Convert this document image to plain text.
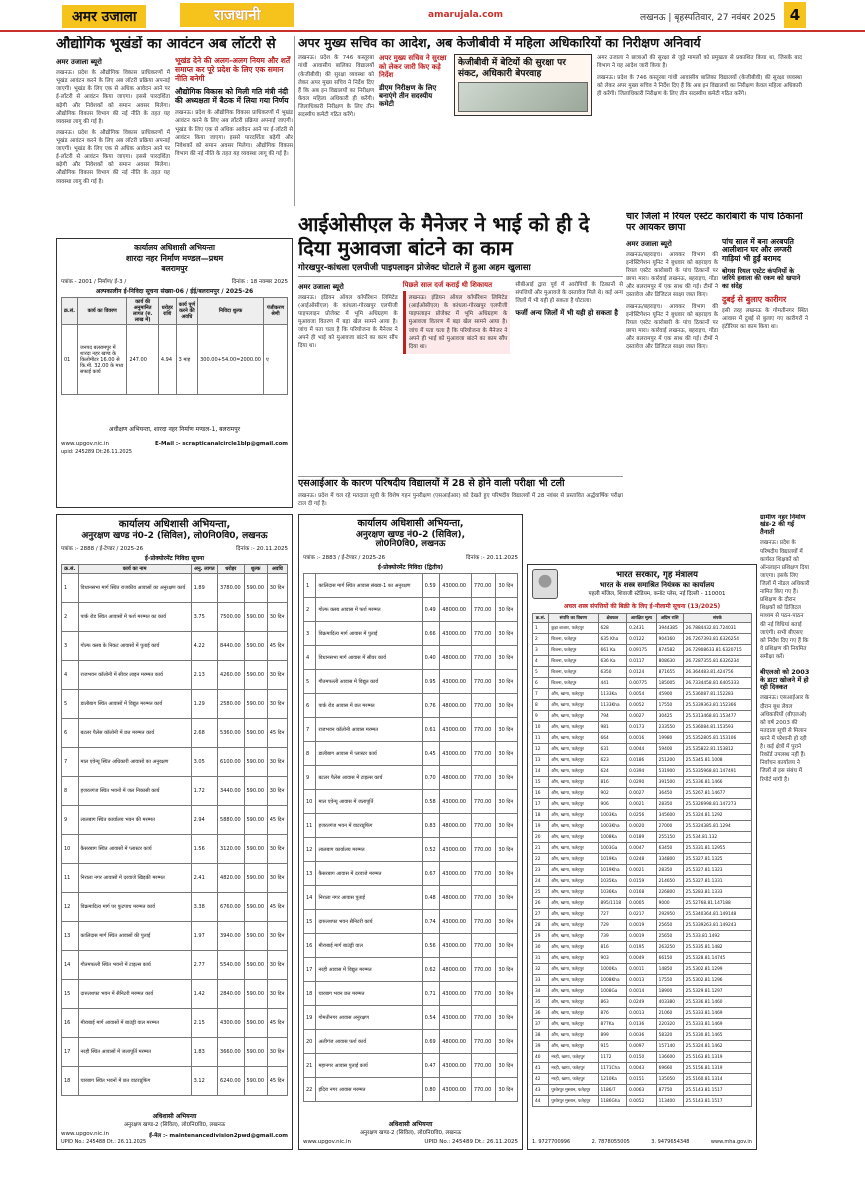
अमर उजाला	राजधानी	amarujala.com	लखनऊ | बृहस्पतिवार, 27 नवंबर 2025 4
औद्योगिक भूखंडों का आवंटन अब लॉटरी से
अमर उजाला ब्यूरो
लखनऊ। प्रदेश के औद्योगिक विकास प्राधिकरणों में भूखंड आवंटन करने के लिए अब लॉटरी प्रक्रिया अपनाई जाएगी। भूखंड के लिए एक से अधिक आवेदन आने पर ई-लॉटरी से आवंटन किया जाएगा। इससे पारदर्शिता बढ़ेगी और निवेशकों को समान अवसर मिलेगा। औद्योगिक विकास विभाग की नई नीति के तहत यह व्यवस्था लागू की गई है।
लखनऊ। प्रदेश के औद्योगिक विकास प्राधिकरणों में भूखंड आवंटन करने के लिए अब लॉटरी प्रक्रिया अपनाई जाएगी। भूखंड के लिए एक से अधिक आवेदन आने पर ई-लॉटरी से आवंटन किया जाएगा। इससे पारदर्शिता बढ़ेगी और निवेशकों को समान अवसर मिलेगा। औद्योगिक विकास विभाग की नई नीति के तहत यह व्यवस्था लागू की गई है।
भूखंड देने की अलग-अलग नियम और शर्तें समाप्त कर पूरे प्रदेश के लिए एक समान नीति बनेगी
औद्योगिक विकास को मिली गति मंत्री नंदी की अध्यक्षता में बैठक में लिया गया निर्णय
लखनऊ। प्रदेश के औद्योगिक विकास प्राधिकरणों में भूखंड आवंटन करने के लिए अब लॉटरी प्रक्रिया अपनाई जाएगी। भूखंड के लिए एक से अधिक आवेदन आने पर ई-लॉटरी से आवंटन किया जाएगा। इससे पारदर्शिता बढ़ेगी और निवेशकों को समान अवसर मिलेगा। औद्योगिक विकास विभाग की नई नीति के तहत यह व्यवस्था लागू की गई है।
अपर मुख्य सचिव का आदेश, अब केजीबीवी में महिला अधिकारियों का निरीक्षण अनिवार्य
लखनऊ। प्रदेश के 746 कस्तूरबा गांधी आवासीय बालिका विद्यालयों (केजीबीवी) की सुरक्षा व्यवस्था को लेकर अपर मुख्य सचिव ने निर्देश दिए हैं कि अब इन विद्यालयों का निरीक्षण केवल महिला अधिकारी ही करेंगी। जिलाधिकारी निरीक्षण के लिए तीन सदस्यीय कमेटी गठित करेंगे।
अपर मुख्य सचिव ने सुरक्षा को लेकर जारी किए कड़े निर्देश
डीएम निरीक्षण के लिए बनाएंगे तीन सदस्यीय कमेटी
केजीबीवी में बेटियों की सुरक्षा पर संकट, अधिकारी बेपरवाह
अमर उजाला ने छात्राओं की सुरक्षा से जुड़े मामलों को प्रमुखता से प्रकाशित किया था, जिसके बाद विभाग ने यह आदेश जारी किया है।
लखनऊ। प्रदेश के 746 कस्तूरबा गांधी आवासीय बालिका विद्यालयों (केजीबीवी) की सुरक्षा व्यवस्था को लेकर अपर मुख्य सचिव ने निर्देश दिए हैं कि अब इन विद्यालयों का निरीक्षण केवल महिला अधिकारी ही करेंगी। जिलाधिकारी निरीक्षण के लिए तीन सदस्यीय कमेटी गठित करेंगे।
आईओसीएल के मैनेजर ने भाई को ही दे दिया मुआवजा बांटने का काम
गोरखपुर-कांधला एलपीजी पाइपलाइन प्रोजेक्ट घोटाले में हुआ अहम खुलासा
अमर उजाला ब्यूरो
लखनऊ। इंडियन ऑयल कॉर्पोरेशन लिमिटेड (आईओसीएल) के कांधला-गोरखपुर एलपीजी पाइपलाइन प्रोजेक्ट में भूमि अधिग्रहण के मुआवजा वितरण में बड़ा खेल सामने आया है। जांच में पता चला है कि परियोजना के मैनेजर ने अपने ही भाई को मुआवजा बांटने का काम सौंप दिया था।
पिछले साल दर्ज कराई थी शिकायत
लखनऊ। इंडियन ऑयल कॉर्पोरेशन लिमिटेड (आईओसीएल) के कांधला-गोरखपुर एलपीजी पाइपलाइन प्रोजेक्ट में भूमि अधिग्रहण के मुआवजा वितरण में बड़ा खेल सामने आया है। जांच में पता चला है कि परियोजना के मैनेजर ने अपने ही भाई को मुआवजा बांटने का काम सौंप दिया था।
सीबीआई द्वारा पूर्व में आरोपियों के ठिकानों से संपत्तियों और मुआवजे के दस्तावेज मिले थे। कई अन्य जिलों में भी यही हो सकता है घोटाला।
फर्जी अन्य जिलों में भी यही हो सकता है
चार जिलों में रियल एस्टेट कारोबारी के पांच ठिकानों पर आयकर छापा
अमर उजाला ब्यूरो
लखनऊ/बहराइच। आयकर विभाग की इन्वेस्टिगेशन यूनिट ने बुधवार को बहराइच के रियल एस्टेट कारोबारी के पांच ठिकानों पर छापा मारा। कार्रवाई लखनऊ, बहराइच, गोंडा और बलरामपुर में एक साथ की गई। टीमों ने दस्तावेज और डिजिटल साक्ष्य जब्त किए।
लखनऊ/बहराइच। आयकर विभाग की इन्वेस्टिगेशन यूनिट ने बुधवार को बहराइच के रियल एस्टेट कारोबारी के पांच ठिकानों पर छापा मारा। कार्रवाई लखनऊ, बहराइच, गोंडा और बलरामपुर में एक साथ की गई। टीमों ने दस्तावेज और डिजिटल साक्ष्य जब्त किए।
पांच साल में बना अरबपति आलीशान घर और लग्जरी गाड़ियां भी हुईं बरामद
बोगस रियल एस्टेट कंपनियों के जरिये हवाला की रकम को खपाने का संदेह
दुबई से बुलाए कारीगर
इसी तरह लखनऊ के गोमतीनगर स्थित आवास में दुबई से बुलाए गए कारीगरों ने इंटीरियर का काम किया था।
एसआईआर के कारण परिषदीय विद्यालयों में 28 से होने वाली परीक्षा भी टली
लखनऊ। प्रदेश में चल रहे मतदाता सूची के विशेष गहन पुनरीक्षण (एसआईआर) को देखते हुए परिषदीय विद्यालयों में 28 नवंबर से प्रस्तावित अर्द्धवार्षिक परीक्षा टाल दी गई है।
कार्यालय अधिशासी अभियन्ता
शारदा नहर निर्माण मण्डल—प्रथम
बलरामपुर
पत्रांक - 2001 / निर्माण/ ई-3 /	दिनांक : 18 नवम्बर 2025
अल्पकालीन ई-निविदा सूचना संख्या-06 / ईई/बलरामपुर / 2025-26
क्र.सं.	कार्य का विवरण	कार्य की अनुमानित लागत (रु. लाख में)	धरोहर राशि	कार्य पूर्ण करने की अवधि	निविदा शुल्क	पंजीकरण श्रेणी
01	जनपद बलरामपुर में शारदा नहर खण्ड के किलोमीटर 16.00 से कि.मी. 32.00 के मध्य सफाई कार्य	247.00	4.94	3 माह	300.00+54.00=2000.00	ए
अधीक्षण अभियन्ता, शारदा नहर निर्माण मण्डल-1, बलरामपुर
www.upgov.nic.in	E-Mail :- scrapticanalcircle1blp@gmail.com
upid: 245289 Dt:26.11.2025
कार्यालय अधिशासी अभियन्ता,
अनुरक्षण खण्ड नं0-2 (सिविल), लो0नि0वि0, लखनऊ
पत्रांक :- 2888 / ई-टेण्डर / 2025-26	दिनांक :- 20.11.2025
ई-प्रोक्योरमेंट निविदा सूचना
क्र.सं.	कार्य का नाम	अनु. लागत	धरोहर	शुल्क	अवधि
1	विधानसभा मार्ग स्थित राजकीय आवासों का अनुरक्षण कार्य	1.89	3780.00	590.00	30 दिन
2	पार्क रोड स्थित आवासों में फर्श मरम्मत का कार्य	3.75	7500.00	590.00	30 दिन
3	गोल्फ क्लब के निकट आवासों में पुताई कार्य	4.22	8440.00	590.00	45 दिन
4	राजभवन कॉलोनी में सीवर लाइन मरम्मत कार्य	2.13	4260.00	590.00	30 दिन
5	डालीबाग स्थित आवासों में विद्युत मरम्मत कार्य	1.29	2580.00	590.00	30 दिन
6	बटलर पैलेस कॉलोनी में छत मरम्मत कार्य	2.68	5360.00	590.00	45 दिन
7	माल एवेन्यू स्थित अधिकारी आवासों का अनुरक्षण	3.05	6100.00	590.00	30 दिन
8	हजरतगंज स्थित भवनों में जल निकासी कार्य	1.72	3440.00	590.00	30 दिन
9	लालबाग स्थित कार्यालय भवन की मरम्मत	2.94	5880.00	590.00	45 दिन
10	कैसरबाग स्थित आवासों में प्लास्टर कार्य	1.56	3120.00	590.00	30 दिन
11	निराला नगर आवासों में दरवाजे खिड़की मरम्मत	2.41	4820.00	590.00	30 दिन
12	विक्रमादित्य मार्ग पर फुटपाथ मरम्मत कार्य	3.38	6760.00	590.00	45 दिन
13	कालिदास मार्ग स्थित आवासों की पुताई	1.97	3940.00	590.00	30 दिन
14	गौतमपल्ली स्थित भवनों में टाइल्स कार्य	2.77	5540.00	590.00	30 दिन
15	दारुलशफा भवन में सैनिटरी मरम्मत कार्य	1.42	2840.00	590.00	30 दिन
16	मीराबाई मार्ग आवासों में बाउंड्री वाल मरम्मत	2.15	4300.00	590.00	45 दिन
17	नरही स्थित आवासों में जलापूर्ति मरम्मत	1.83	3660.00	590.00	30 दिन
18	चारबाग स्थित भवनों में छत वाटरप्रूफिंग	3.12	6240.00	590.00	45 दिन
अधिशासी अभियन्ता
अनुरक्षण खण्ड-2 (सिविल), लो0नि0वि0, लखनऊ
www.upgov.nic.in	ई-मेल :- maintenancedivision2pwd@gmail.com
UPID No.: 245488 Dt.: 26.11.2025
कार्यालय अधिशासी अभियन्ता,
अनुरक्षण खण्ड नं0-2 (सिविल),
लो0नि0वि0, लखनऊ
पत्रांक :- 2883 / ई-टेण्डर / 2025-26	दिनांक :- 20.11.2025
ई-प्रोक्योरमेंट निविदा (द्वितीय)
1	कालिदास मार्ग स्थित आवास संख्या-1 का अनुरक्षण	0.59	43000.00	770.00	30 दिन
2	गोल्फ क्लब आवास में फर्श मरम्मत	0.49	48000.00	770.00	30 दिन
3	विक्रमादित्य मार्ग आवास में पुताई	0.66	43000.00	770.00	30 दिन
4	विधानसभा मार्ग आवास में सीवर कार्य	0.40	48000.00	770.00	30 दिन
5	गौतमपल्ली आवास में विद्युत कार्य	0.95	43000.00	770.00	30 दिन
6	पार्क रोड आवास में छत मरम्मत	0.76	48000.00	770.00	30 दिन
7	राजभवन कॉलोनी आवास मरम्मत	0.61	43000.00	770.00	30 दिन
8	डालीबाग आवास में प्लास्टर कार्य	0.45	43000.00	770.00	30 दिन
9	बटलर पैलेस आवास में टाइल्स कार्य	0.70	48000.00	770.00	30 दिन
10	माल एवेन्यू आवास में जलापूर्ति	0.58	43000.00	770.00	30 दिन
11	हजरतगंज भवन में वाटरप्रूफिंग	0.83	48000.00	770.00	30 दिन
12	लालबाग कार्यालय मरम्मत	0.52	43000.00	770.00	30 दिन
13	कैसरबाग आवास में दरवाजे मरम्मत	0.67	43000.00	770.00	30 दिन
14	निराला नगर आवास पुताई	0.48	48000.00	770.00	30 दिन
15	दारुलशफा भवन सैनिटरी कार्य	0.74	43000.00	770.00	30 दिन
16	मीराबाई मार्ग बाउंड्री वाल	0.56	43000.00	770.00	30 दिन
17	नरही आवास में विद्युत मरम्मत	0.62	48000.00	770.00	30 दिन
18	चारबाग भवन छत मरम्मत	0.71	43000.00	770.00	30 दिन
19	गोमतीनगर आवास अनुरक्षण	0.54	43000.00	770.00	30 दिन
20	अलीगंज आवास फर्श कार्य	0.69	48000.00	770.00	30 दिन
21	महानगर आवास पुताई कार्य	0.47	43000.00	770.00	30 दिन
22	इंदिरा नगर आवास मरम्मत	0.80	43000.00	770.00	30 दिन
अधिशासी अभियन्ता
अनुरक्षण खण्ड-2 (सिविल), लो0नि0वि0, लखनऊ
www.upgov.nic.in	UPID No.: 245489 Dt.: 26.11.2025
भारत सरकार, गृह मंत्रालय
भारत के शस्त्र समाश्रित नियंत्रक का कार्यालय
पहली मंजिल, शिवाजी स्टेडियम, कनॉट प्लेस, नई दिल्ली - 110001
अचल शस्त्र संपत्तियों की बिक्री के लिए ई-नीलामी सूचना (13/2025)
क्र.सं.	संपत्ति का विवरण	क्षेत्रफल	आरक्षित मूल्य	अग्रिम राशि	संपर्क
1	कुड़ा बाजार, फतेहपुर	628	0.2431	3944385	26.7884432.81.724031
2	बिजना, फतेहपुर	635 Kha	0.0122	904160	26.7267393.81.6326254
3	बिजना, फतेहपुर	661 Ka	0.09175	874582	26.72908633.81.6320715
4	बिजना, फतेहपुर	636 Ka	0.0117	808630	26.7287355.81.6326234
5	बिजना, फतेहपुर	6350	0.0124	871655	26.364483.81.424756
6	बिजना, फतेहपुर	441	0.00775	185005	26.7334458.81.6405333
7	औंग, खागा, फतेहपुर	1133Ka	0.0054	45900	25.536087.81.152283
8	औंग, खागा, फतेहपुर	1133Kha	0.0052	17550	25.5339363.81.152366
9	औंग, खागा, फतेहपुर	794	0.0027	30425	25.5313468.81.153477
10	औंग, खागा, फतेहपुर	981	0.0173	233550	25.536084.81.153593
11	औंग, खागा, फतेहपुर	664	0.0016	19980	25.5352805.81.153106
12	औंग, खागा, फतेहपुर	631	0.0044	59400	25.535822.81.153812
13	औंग, खागा, फतेहपुर	623	0.0186	251200	25.5345.81.1008
14	औंग, खागा, फतेहपुर	624	0.0394	531900	25.5335968.81.147491
15	औंग, खागा, फतेहपुर	816	0.0290	391500	25.5336.81.1466
16	औंग, खागा, फतेहपुर	902	0.0027	36450	25.5267.81.14677
17	औंग, खागा, फतेहपुर	906	0.0021	28350	25.5326998.81.147273
18	औंग, खागा, फतेहपुर	1003Ka	0.0256	345600	25.5324.81.1292
19	औंग, खागा, फतेहपुर	1003Kha	0.0020	27000	25.5324385.81.1294
20	औंग, खागा, फतेहपुर	1008Ka	0.0189	255150	25.534.81.132
21	औंग, खागा, फतेहपुर	1003Ga	0.0047	63450	25.5331.81.12955
22	औंग, खागा, फतेहपुर	1019Ka	0.0248	334800	25.5327.81.1325
23	औंग, खागा, फतेहपुर	1019Kha	0.0021	28350	25.5327.81.1323
24	औंग, खागा, फतेहपुर	1035Ka	0.0159	214650	25.5327.81.1331
25	औंग, खागा, फतेहपुर	1036Ka	0.0168	226800	25.5283.81.1333
26	औंग, खागा, फतेहपुर	895/1118	0.0005	9000	25.52768.81.147188
27	औंग, खागा, फतेहपुर	727	0.0217	292950	25.5340364.81.149148
28	औंग, खागा, फतेहपुर	729	0.0019	25650	25.5339263.81.149243
29	औंग, खागा, फतेहपुर	739	0.0019	25650	25.533.81.1492
30	औंग, खागा, फतेहपुर	816	0.0195	263250	25.5335.81.1482
31	औंग, खागा, फतेहपुर	903	0.0049	66150	25.5328.81.14745
32	औंग, खागा, फतेहपुर	1000Ka	0.0011	14850	25.5302.81.1299
33	औंग, खागा, फतेहपुर	1008Kha	0.0013	17550	25.5302.81.1296
34	औंग, खागा, फतेहपुर	1008Ga	0.0014	18900	25.5329.81.1297
35	औंग, खागा, फतेहपुर	863	0.0249	403380	25.5336.81.1460
36	औंग, खागा, फतेहपुर	876	0.0013	21060	25.5333.81.1469
37	औंग, खागा, फतेहपुर	877Ka	0.0136	220320	25.5333.81.1469
38	औंग, खागा, फतेहपुर	899	0.0036	58320	25.5330.81.1465
39	औंग, खागा, फतेहपुर	915	0.0097	157140	25.5324.81.1462
40	नरही, खागा, फतेहपुर	1172	0.0150	136600	25.5163.81.1319
41	नरही, खागा, फतेहपुर	1171Cha	0.0043	69660	25.5156.81.1319
42	नरही, खागा, फतेहपुर	1210Ka	0.0151	135050	25.5160.81.1314
43	पुरवेरपुर मुस्तान, फतेहपुर	1186/7	0.0063	87750	25.5143.81.1517
44	पुरवेरपुर मुस्तान, फतेहपुर	1186Gha	0.0052	113400	25.5143.81.1517
1. 9727700996	2. 7878055005	3. 9479654348	www.mha.gov.in
ग्रामीण नहर निर्माण खंड-2 की गई तैनाती
लखनऊ। प्रदेश के परिषदीय विद्यालयों में कार्यरत शिक्षकों को ऑनलाइन प्रशिक्षण दिया जाएगा। इसके लिए जिलों में नोडल अधिकारी नामित किए गए हैं। प्रशिक्षण के दौरान शिक्षकों को डिजिटल माध्यम से पठन-पाठन की नई विधियां बताई जाएंगी। सभी बीएसए को निर्देश दिए गए हैं कि वे प्रशिक्षण की नियमित समीक्षा करें।
बीएलओ को 2003 के डाटा खोजने में हो रही दिक्कत
लखनऊ। एसआईआर के दौरान बूथ लेवल अधिकारियों (बीएलओ) को वर्ष 2003 की मतदाता सूची से मिलान करने में परेशानी हो रही है। कई क्षेत्रों में पुराने रिकॉर्ड उपलब्ध नहीं हैं। निर्वाचन कार्यालय ने जिलों से इस संबंध में रिपोर्ट मांगी है।
